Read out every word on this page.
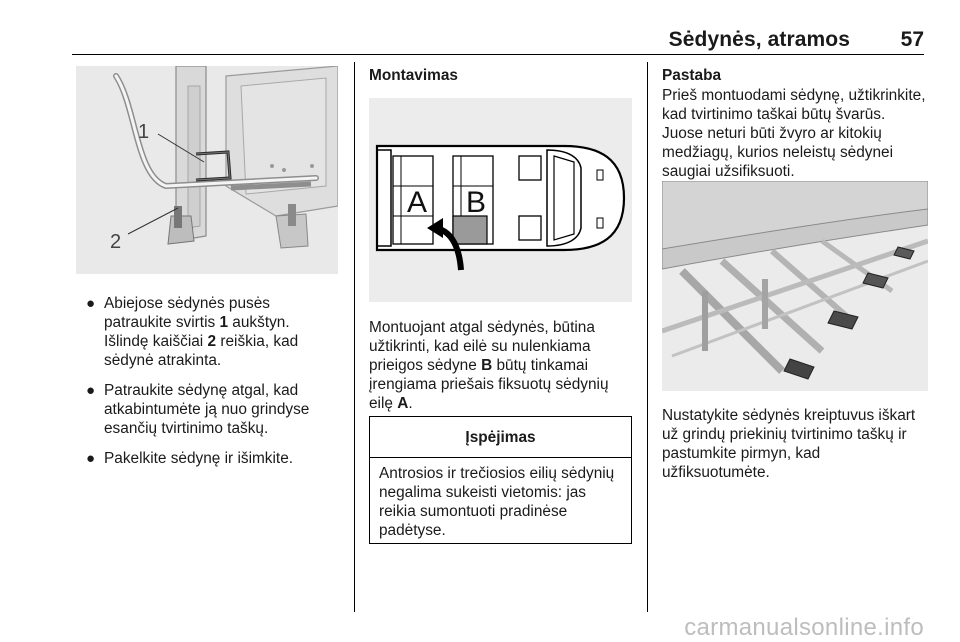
Sėdynės, atramos 57
1
2
● Abiejose sėdynės pusės patraukite svirtis 1 aukštyn. Išlindę kaiščiai 2 reiškia, kad sėdynė atrakinta.
● Patraukite sėdynę atgal, kad atkabintumėte ją nuo grindyse esančių tvirtinimo taškų.
● Pakelkite sėdynę ir išimkite.
Montavimas
A B
Montuojant atgal sėdynės, būtina užtikrinti, kad eilė su nulenkiama prieigos sėdyne B būtų tinkamai įrengiama priešais fiksuotų sėdynių eilę A.
Įspėjimas
Antrosios ir trečiosios eilių sėdynių negalima sukeisti vietomis: jas reikia sumontuoti pradinėse padėtyse.
Pastaba
Prieš montuodami sėdynę, užtikrinkite, kad tvirtinimo taškai būtų švarūs. Juose neturi būti žvyro ar kitokių medžiagų, kurios neleistų sėdynei saugiai užsifiksuoti.
Nustatykite sėdynės kreiptuvus iškart už grindų priekinių tvirtinimo taškų ir pastumkite pirmyn, kad užfiksuotumėte.
carmanualsonline.info
